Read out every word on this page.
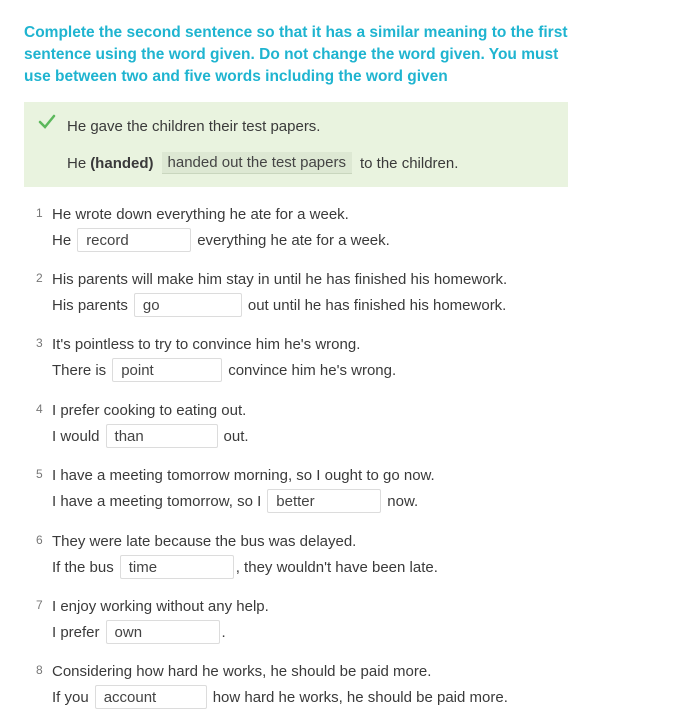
Complete the second sentence so that it has a similar meaning to the first sentence using the word given. Do not change the word given. You must use between two and five words including the word given
He gave the children their test papers.
He (handed) handed out the test papers to the children.
1 He wrote down everything he ate for a week.
He	record	everything he ate for a week.
2 His parents will make him stay in until he has finished his homework.
His parents	go	out until he has finished his homework.
3 It's pointless to try to convince him he's wrong.
There is	point	convince him he's wrong.
4 I prefer cooking to eating out.
I would	than	out.
5 I have a meeting tomorrow morning, so I ought to go now.
I have a meeting tomorrow, so I	better	now.
6 They were late because the bus was delayed.
If the bus	time	, they wouldn't have been late.
7 I enjoy working without any help.
I prefer	own	.
8 Considering how hard he works, he should be paid more.
If you	account	how hard he works, he should be paid more.
